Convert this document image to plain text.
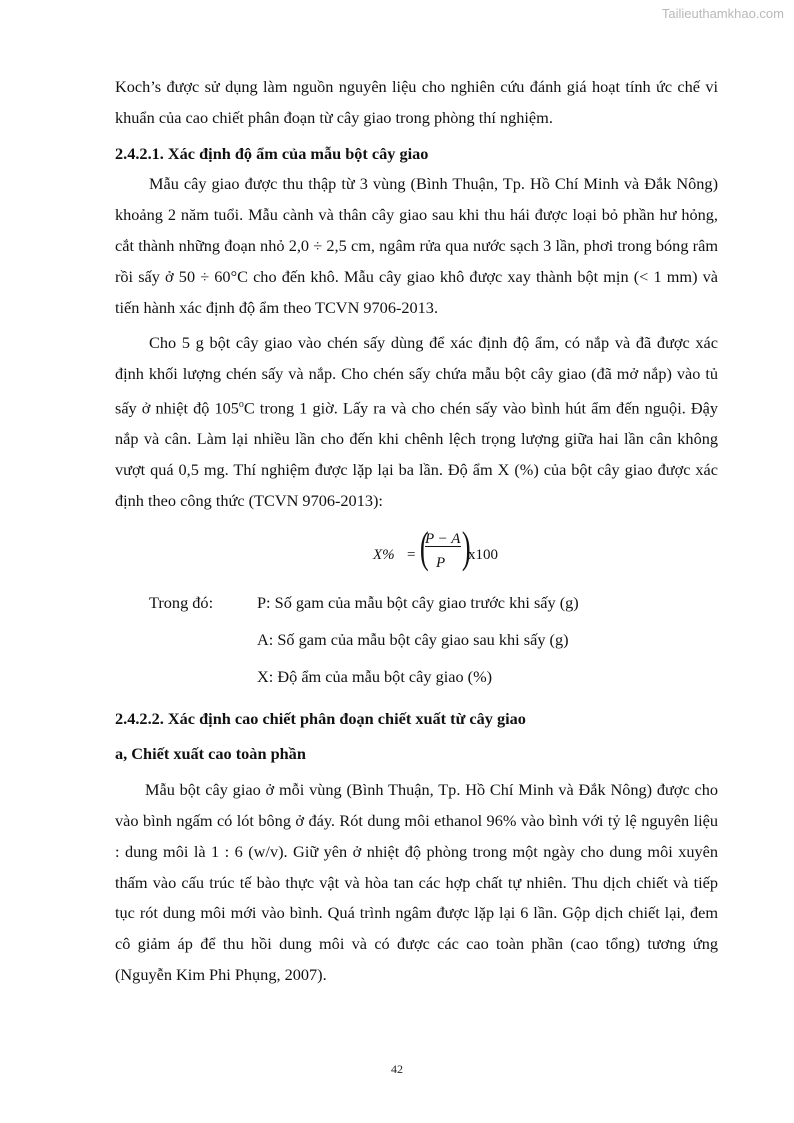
Tailieuthamkhao.com

Koch’s được sử dụng làm nguồn nguyên liệu cho nghiên cứu đánh giá hoạt tính ức chế vi khuẩn của cao chiết phân đoạn từ cây giao trong phòng thí nghiệm.

2.4.2.1. Xác định độ ẩm của mẫu bột cây giao

Mẫu cây giao được thu thập từ 3 vùng (Bình Thuận, Tp. Hồ Chí Minh và Đắk Nông) khoảng 2 năm tuổi. Mẫu cành và thân cây giao sau khi thu hái được loại bỏ phần hư hỏng, cắt thành những đoạn nhỏ 2,0 ÷ 2,5 cm, ngâm rửa qua nước sạch 3 lần, phơi trong bóng râm rồi sấy ở 50 ÷ 60°C cho đến khô. Mẫu cây giao khô được xay thành bột mịn (< 1 mm) và tiến hành xác định độ ẩm theo TCVN 9706-2013.

Cho 5 g bột cây giao vào chén sấy dùng để xác định độ ẩm, có nắp và đã được xác định khối lượng chén sấy và nắp. Cho chén sấy chứa mẫu bột cây giao (đã mở nắp) vào tủ sấy ở nhiệt độ 105$^o$C trong 1 giờ. Lấy ra và cho chén sấy vào bình hút ẩm đến nguội. Đậy nắp và cân. Làm lại nhiều lần cho đến khi chênh lệch trọng lượng giữa hai lần cân không vượt quá 0,5 mg. Thí nghiệm được lặp lại ba lần. Độ ẩm X (%) của bột cây giao được xác định theo công thức (TCVN 9706-2013):

X% = (
P − A
P )
x100
Trong đó:	P: Số gam của mẫu bột cây giao trước khi sấy (g)
A: Số gam của mẫu bột cây giao sau khi sấy (g)
X: Độ ẩm của mẫu bột cây giao (%)
2.4.2.2. Xác định cao chiết phân đoạn chiết xuất từ cây giao
a, Chiết xuất cao toàn phần

Mẫu bột cây giao ở mỗi vùng (Bình Thuận, Tp. Hồ Chí Minh và Đắk Nông) được cho vào bình ngấm có lót bông ở đáy. Rót dung môi ethanol 96% vào bình với tỷ lệ nguyên liệu : dung môi là 1 : 6 (w/v). Giữ yên ở nhiệt độ phòng trong một ngày cho dung môi xuyên thấm vào cấu trúc tế bào thực vật và hòa tan các hợp chất tự nhiên. Thu dịch chiết và tiếp tục rót dung môi mới vào bình. Quá trình ngâm được lặp lại 6 lần. Gộp dịch chiết lại, đem cô giảm áp để thu hồi dung môi và có được các cao toàn phần (cao tổng) tương ứng (Nguyễn Kim Phi Phụng, 2007).

42
